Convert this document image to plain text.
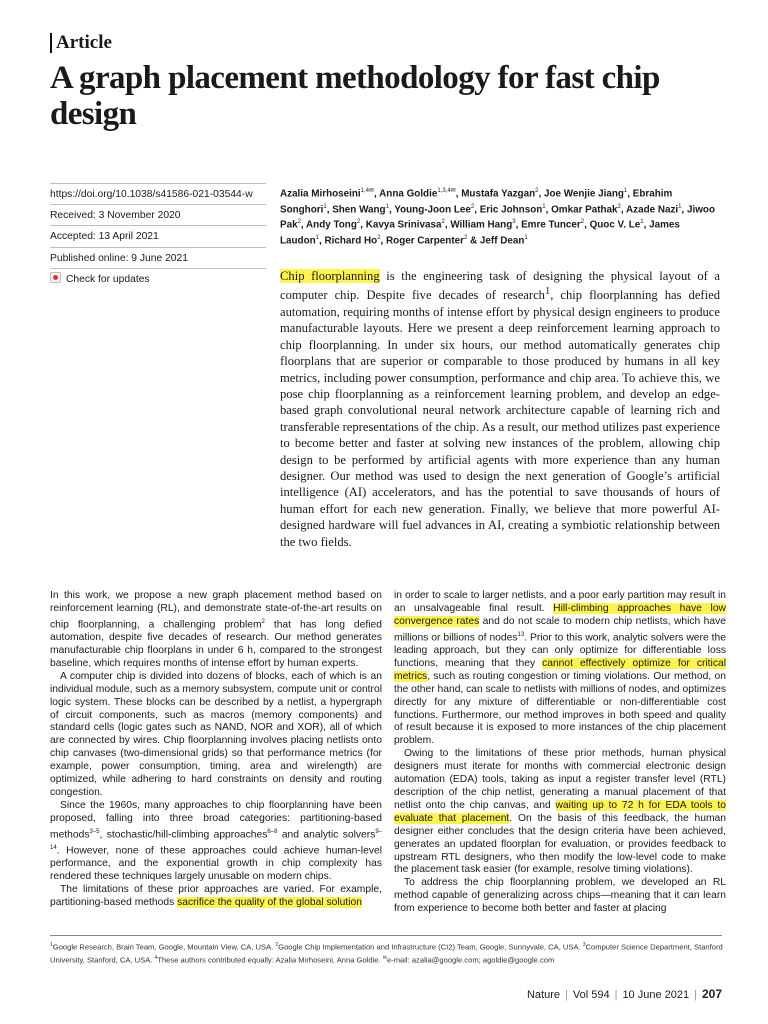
Article
A graph placement methodology for fast chip design
https://doi.org/10.1038/s41586-021-03544-w
Received: 3 November 2020
Accepted: 13 April 2021
Published online: 9 June 2021
Check for updates
Azalia Mirhoseini$^{1,4✉}$, Anna Goldie$^{1,3,4✉}$, Mustafa Yazgan$^2$, Joe Wenjie Jiang$^1$, Ebrahim Songhori$^1$, Shen Wang$^1$, Young-Joon Lee$^2$, Eric Johnson$^1$, Omkar Pathak$^2$, Azade Nazi$^1$, Jiwoo Pak$^2$, Andy Tong$^2$, Kavya Srinivasa$^2$, William Hang$^3$, Emre Tuncer$^2$, Quoc V. Le$^1$, James Laudon$^1$, Richard Ho$^2$, Roger Carpenter$^2$ & Jeff Dean$^1$
Chip floorplanning is the engineering task of designing the physical layout of a computer chip. Despite five decades of research$^1$, chip floorplanning has defied automation, requiring months of intense effort by physical design engineers to produce manufacturable layouts. Here we present a deep reinforcement learning approach to chip floorplanning. In under six hours, our method automatically generates chip floorplans that are superior or comparable to those produced by humans in all key metrics, including power consumption, performance and chip area. To achieve this, we pose chip floorplanning as a reinforcement learning problem, and develop an edge-based graph convolutional neural network architecture capable of learning rich and transferable representations of the chip. As a result, our method utilizes past experience to become better and faster at solving new instances of the problem, allowing chip design to be performed by artificial agents with more experience than any human designer. Our method was used to design the next generation of Google’s artificial intelligence (AI) accelerators, and has the potential to save thousands of hours of human effort for each new generation. Finally, we believe that more powerful AI-designed hardware will fuel advances in AI, creating a symbiotic relationship between the two fields.

In this work, we propose a new graph placement method based on reinforcement learning (RL), and demonstrate state-of-the-art results on chip floorplanning, a challenging problem$^2$ that has long defied automation, despite five decades of research. Our method generates manufacturable chip floorplans in under 6 h, compared to the strongest baseline, which requires months of intense effort by human experts.

A computer chip is divided into dozens of blocks, each of which is an individual module, such as a memory subsystem, compute unit or control logic system. These blocks can be described by a netlist, a hypergraph of circuit components, such as macros (memory components) and standard cells (logic gates such as NAND, NOR and XOR), all of which are connected by wires. Chip floorplanning involves placing netlists onto chip canvases (two-dimensional grids) so that performance metrics (for example, power consumption, timing, area and wirelength) are optimized, while adhering to hard constraints on density and routing congestion.

Since the 1960s, many approaches to chip floorplanning have been proposed, falling into three broad categories: partitioning-based methods$^{3-5}$, stochastic/hill-climbing approaches$^{6-8}$ and analytic solvers$^{9-14}$. However, none of these approaches could achieve human-level performance, and the exponential growth in chip complexity has rendered these techniques largely unusable on modern chips.

The limitations of these prior approaches are varied. For example, partitioning-based methods sacrifice the quality of the global solution

in order to scale to larger netlists, and a poor early partition may result in an unsalvageable final result. Hill-climbing approaches have low convergence rates and do not scale to modern chip netlists, which have millions or billions of nodes$^{13}$. Prior to this work, analytic solvers were the leading approach, but they can only optimize for differentiable loss functions, meaning that they cannot effectively optimize for critical metrics, such as routing congestion or timing violations. Our method, on the other hand, can scale to netlists with millions of nodes, and optimizes directly for any mixture of differentiable or non-differentiable cost functions. Furthermore, our method improves in both speed and quality of result because it is exposed to more instances of the chip placement problem.

Owing to the limitations of these prior methods, human physical designers must iterate for months with commercial electronic design automation (EDA) tools, taking as input a register transfer level (RTL) description of the chip netlist, generating a manual placement of that netlist onto the chip canvas, and waiting up to 72 h for EDA tools to evaluate that placement. On the basis of this feedback, the human designer either concludes that the design criteria have been achieved, generates an updated floorplan for evaluation, or provides feedback to upstream RTL designers, who then modify the low-level code to make the placement task easier (for example, resolve timing violations).

To address the chip floorplanning problem, we developed an RL method capable of generalizing across chips—meaning that it can learn from experience to become both better and faster at placing

$^1$Google Research, Brain Team, Google, Mountain View, CA, USA. $^2$Google Chip Implementation and Infrastructure (CI2) Team, Google, Sunnyvale, CA, USA. $^3$Computer Science Department, Stanford University, Stanford, CA, USA. $^4$These authors contributed equally: Azalia Mirhoseini, Anna Goldie. ✉e-mail: azalia@google.com; agoldie@google.com
Nature | Vol 594 | 10 June 2021 | 207
